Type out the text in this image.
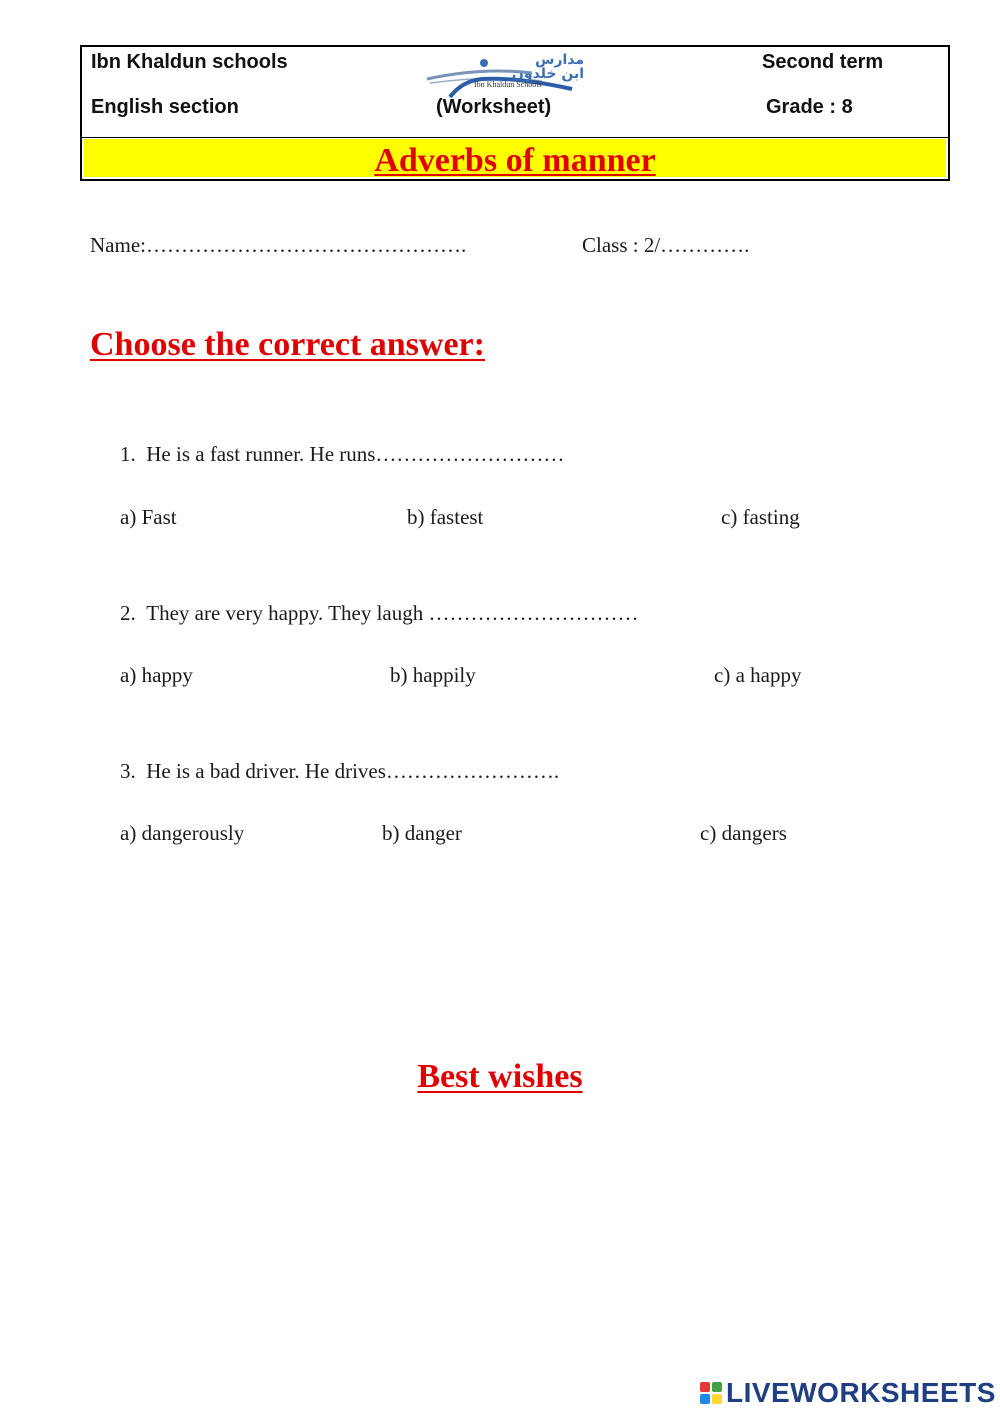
Ibn Khaldun schools
English section	(Worksheet)
Second term
Grade : 8
مدارس
ابن خلدون
Ibn Khaldun Schools
Adverbs of manner
Name:……………………………………….	Class : 2/………….
Choose the correct answer:
1. He is a fast runner. He runs………………………
a) Fast	b) fastest	c) fasting
2. They are very happy. They laugh …………………………
a) happy	b) happily	c) a happy
3. He is a bad driver. He drives…………………….
a) dangerously	b) danger	c) dangers
Best wishes
LIVEWORKSHEETS
